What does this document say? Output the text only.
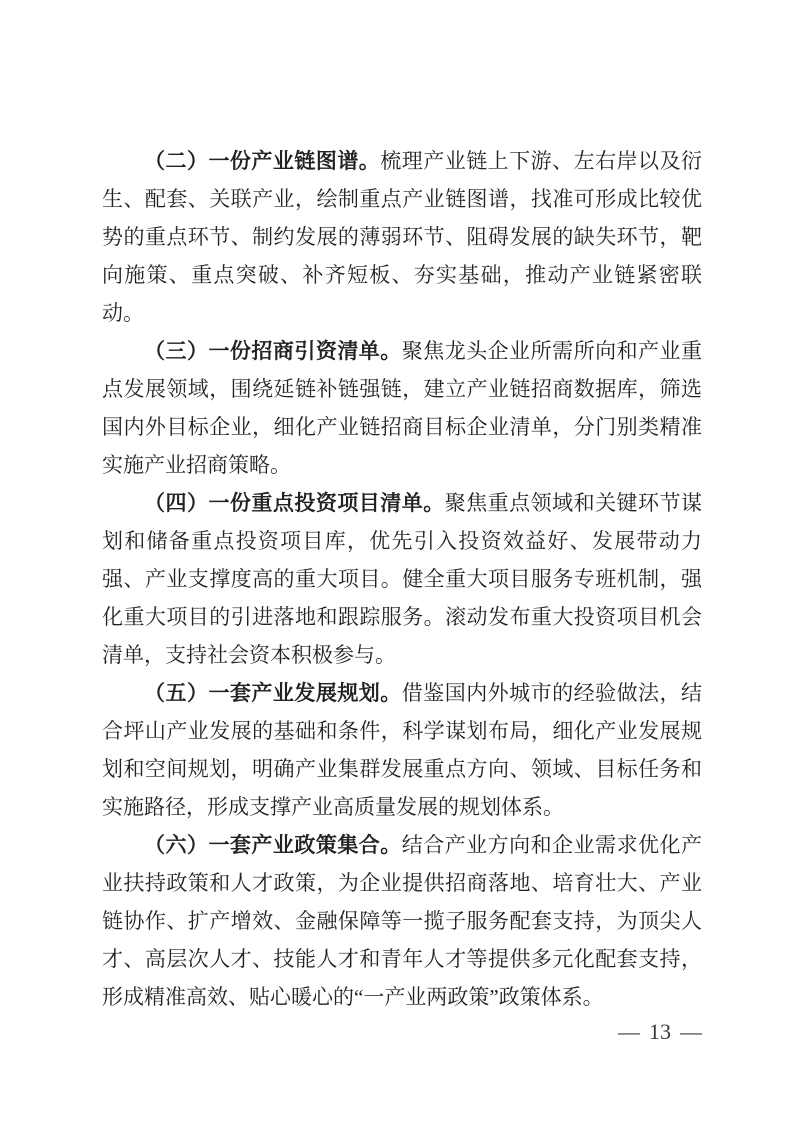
（二）一份产业链图谱。梳理产业链上下游、左右岸以及衍生、配套、关联产业，绘制重点产业链图谱，找准可形成比较优势的重点环节、制约发展的薄弱环节、阻碍发展的缺失环节，靶向施策、重点突破、补齐短板、夯实基础，推动产业链紧密联动。

（三）一份招商引资清单。聚焦龙头企业所需所向和产业重点发展领域，围绕延链补链强链，建立产业链招商数据库，筛选国内外目标企业，细化产业链招商目标企业清单，分门别类精准实施产业招商策略。

（四）一份重点投资项目清单。聚焦重点领域和关键环节谋划和储备重点投资项目库，优先引入投资效益好、发展带动力强、产业支撑度高的重大项目。健全重大项目服务专班机制，强化重大项目的引进落地和跟踪服务。滚动发布重大投资项目机会清单，支持社会资本积极参与。

（五）一套产业发展规划。借鉴国内外城市的经验做法，结合坪山产业发展的基础和条件，科学谋划布局，细化产业发展规划和空间规划，明确产业集群发展重点方向、领域、目标任务和实施路径，形成支撑产业高质量发展的规划体系。

（六）一套产业政策集合。结合产业方向和企业需求优化产业扶持政策和人才政策，为企业提供招商落地、培育壮大、产业链协作、扩产增效、金融保障等一揽子服务配套支持，为顶尖人才、高层次人才、技能人才和青年人才等提供多元化配套支持，形成精准高效、贴心暖心的“一产业两政策”政策体系。

— 13 —
